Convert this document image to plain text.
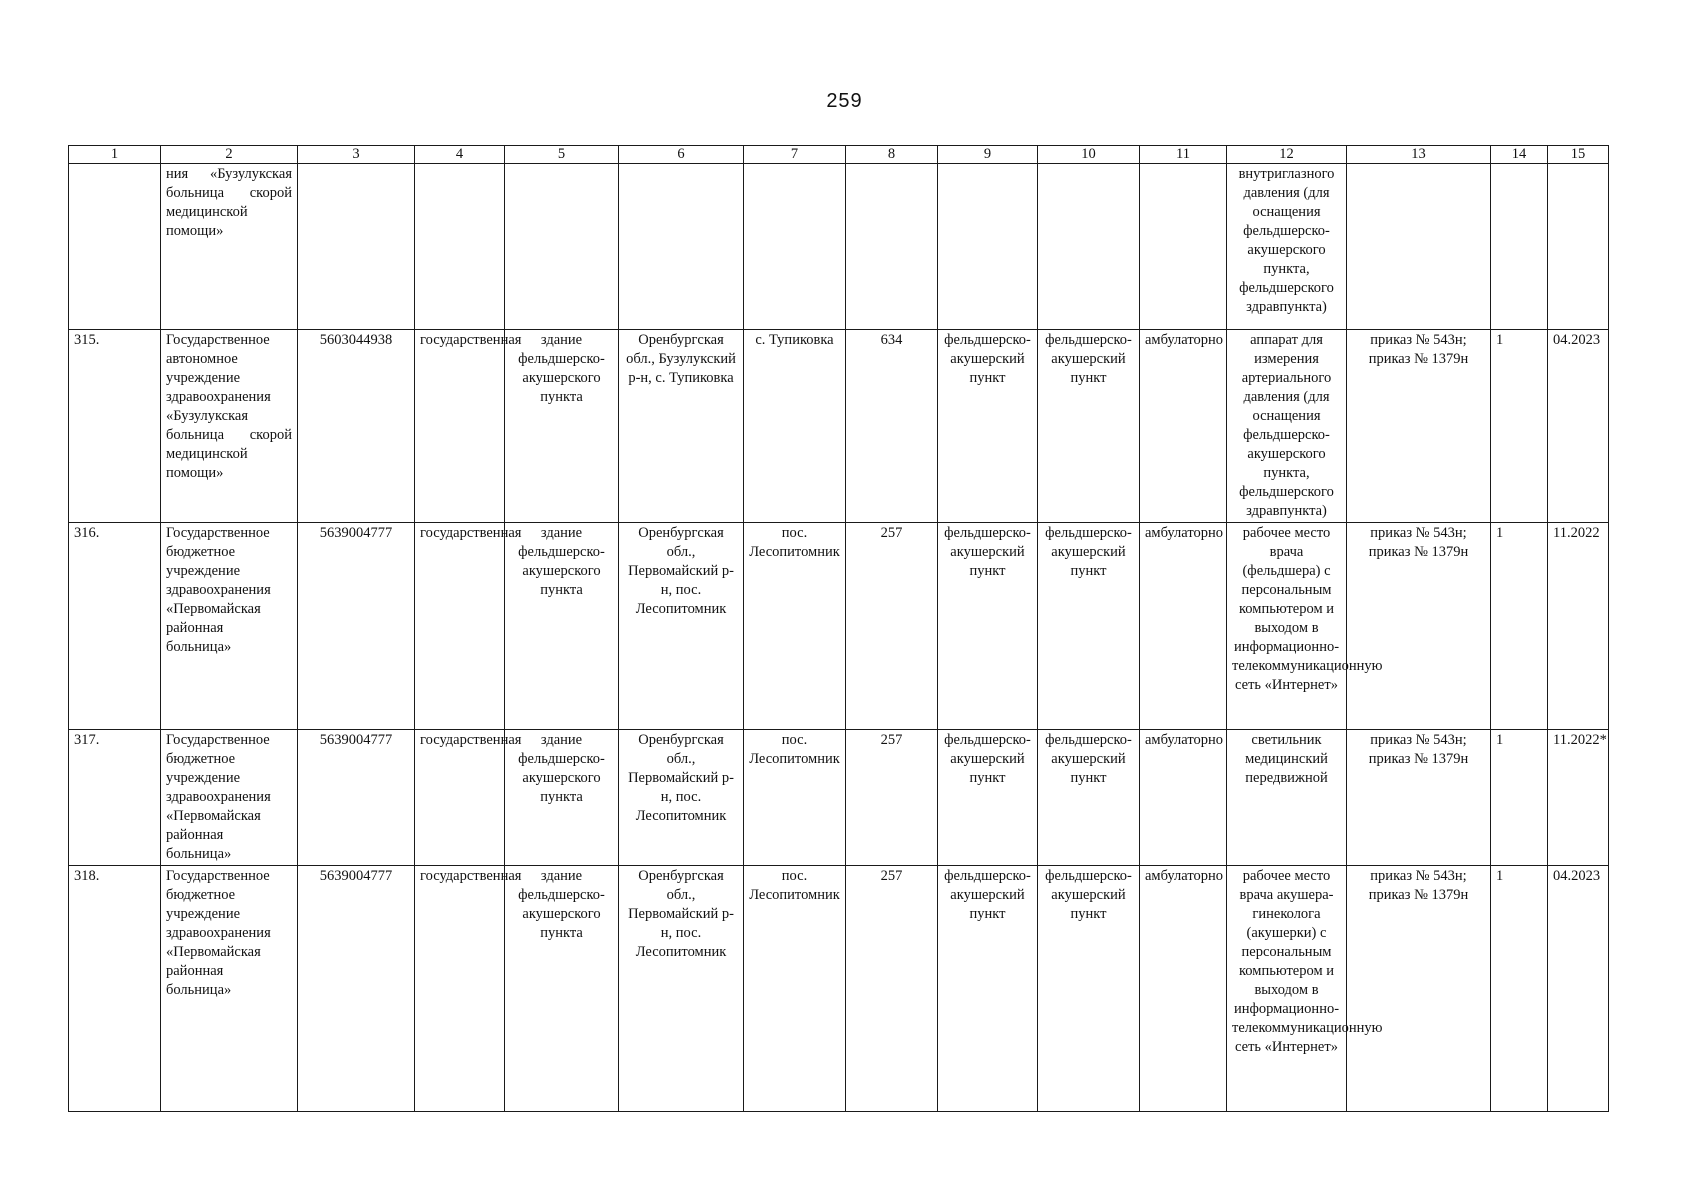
259
1	2	3	4	5	6	7	8	9	10	11	12	13	14	15
	ния «Бузулукская больница скорой медицинской помощи»										внутриглазного давления (для оснащения фельдшерско-акушерского пункта, фельдшерского здравпункта)			
315.	Государственное автономное учреждение здравоохранения «Бузулукская больница скорой медицинской помощи»	5603044938	государственная	здание фельдшерско-акушерского пункта	Оренбургская обл., Бузулукский р-н, с. Тупиковка	с. Тупиковка	634	фельдшерско-акушерский пункт	фельдшерско-акушерский пункт	амбулаторно	аппарат для измерения артериального давления (для оснащения фельдшерско-акушерского пункта, фельдшерского здравпункта)	приказ № 543н; приказ № 1379н	1	04.2023
316.	Государственное бюджетное учреждение здравоохранения «Первомайская районная больница»	5639004777	государственная	здание фельдшерско-акушерского пункта	Оренбургская обл., Первомайский р-н, пос. Лесопитомник	пос. Лесопитомник	257	фельдшерско-акушерский пункт	фельдшерско-акушерский пункт	амбулаторно	рабочее место врача (фельдшера) с персональным компьютером и выходом в информационно-телекоммуникационную сеть «Интернет»	приказ № 543н; приказ № 1379н	1	11.2022
317.	Государственное бюджетное учреждение здравоохранения «Первомайская районная больница»	5639004777	государственная	здание фельдшерско-акушерского пункта	Оренбургская обл., Первомайский р-н, пос. Лесопитомник	пос. Лесопитомник	257	фельдшерско-акушерский пункт	фельдшерско-акушерский пункт	амбулаторно	светильник медицинский передвижной	приказ № 543н; приказ № 1379н	1	11.2022*
318.	Государственное бюджетное учреждение здравоохранения «Первомайская районная больница»	5639004777	государственная	здание фельдшерско-акушерского пункта	Оренбургская обл., Первомайский р-н, пос. Лесопитомник	пос. Лесопитомник	257	фельдшерско-акушерский пункт	фельдшерско-акушерский пункт	амбулаторно	рабочее место врача акушера-гинеколога (акушерки) с персональным компьютером и выходом в информационно-телекоммуникационную сеть «Интернет»	приказ № 543н; приказ № 1379н	1	04.2023
